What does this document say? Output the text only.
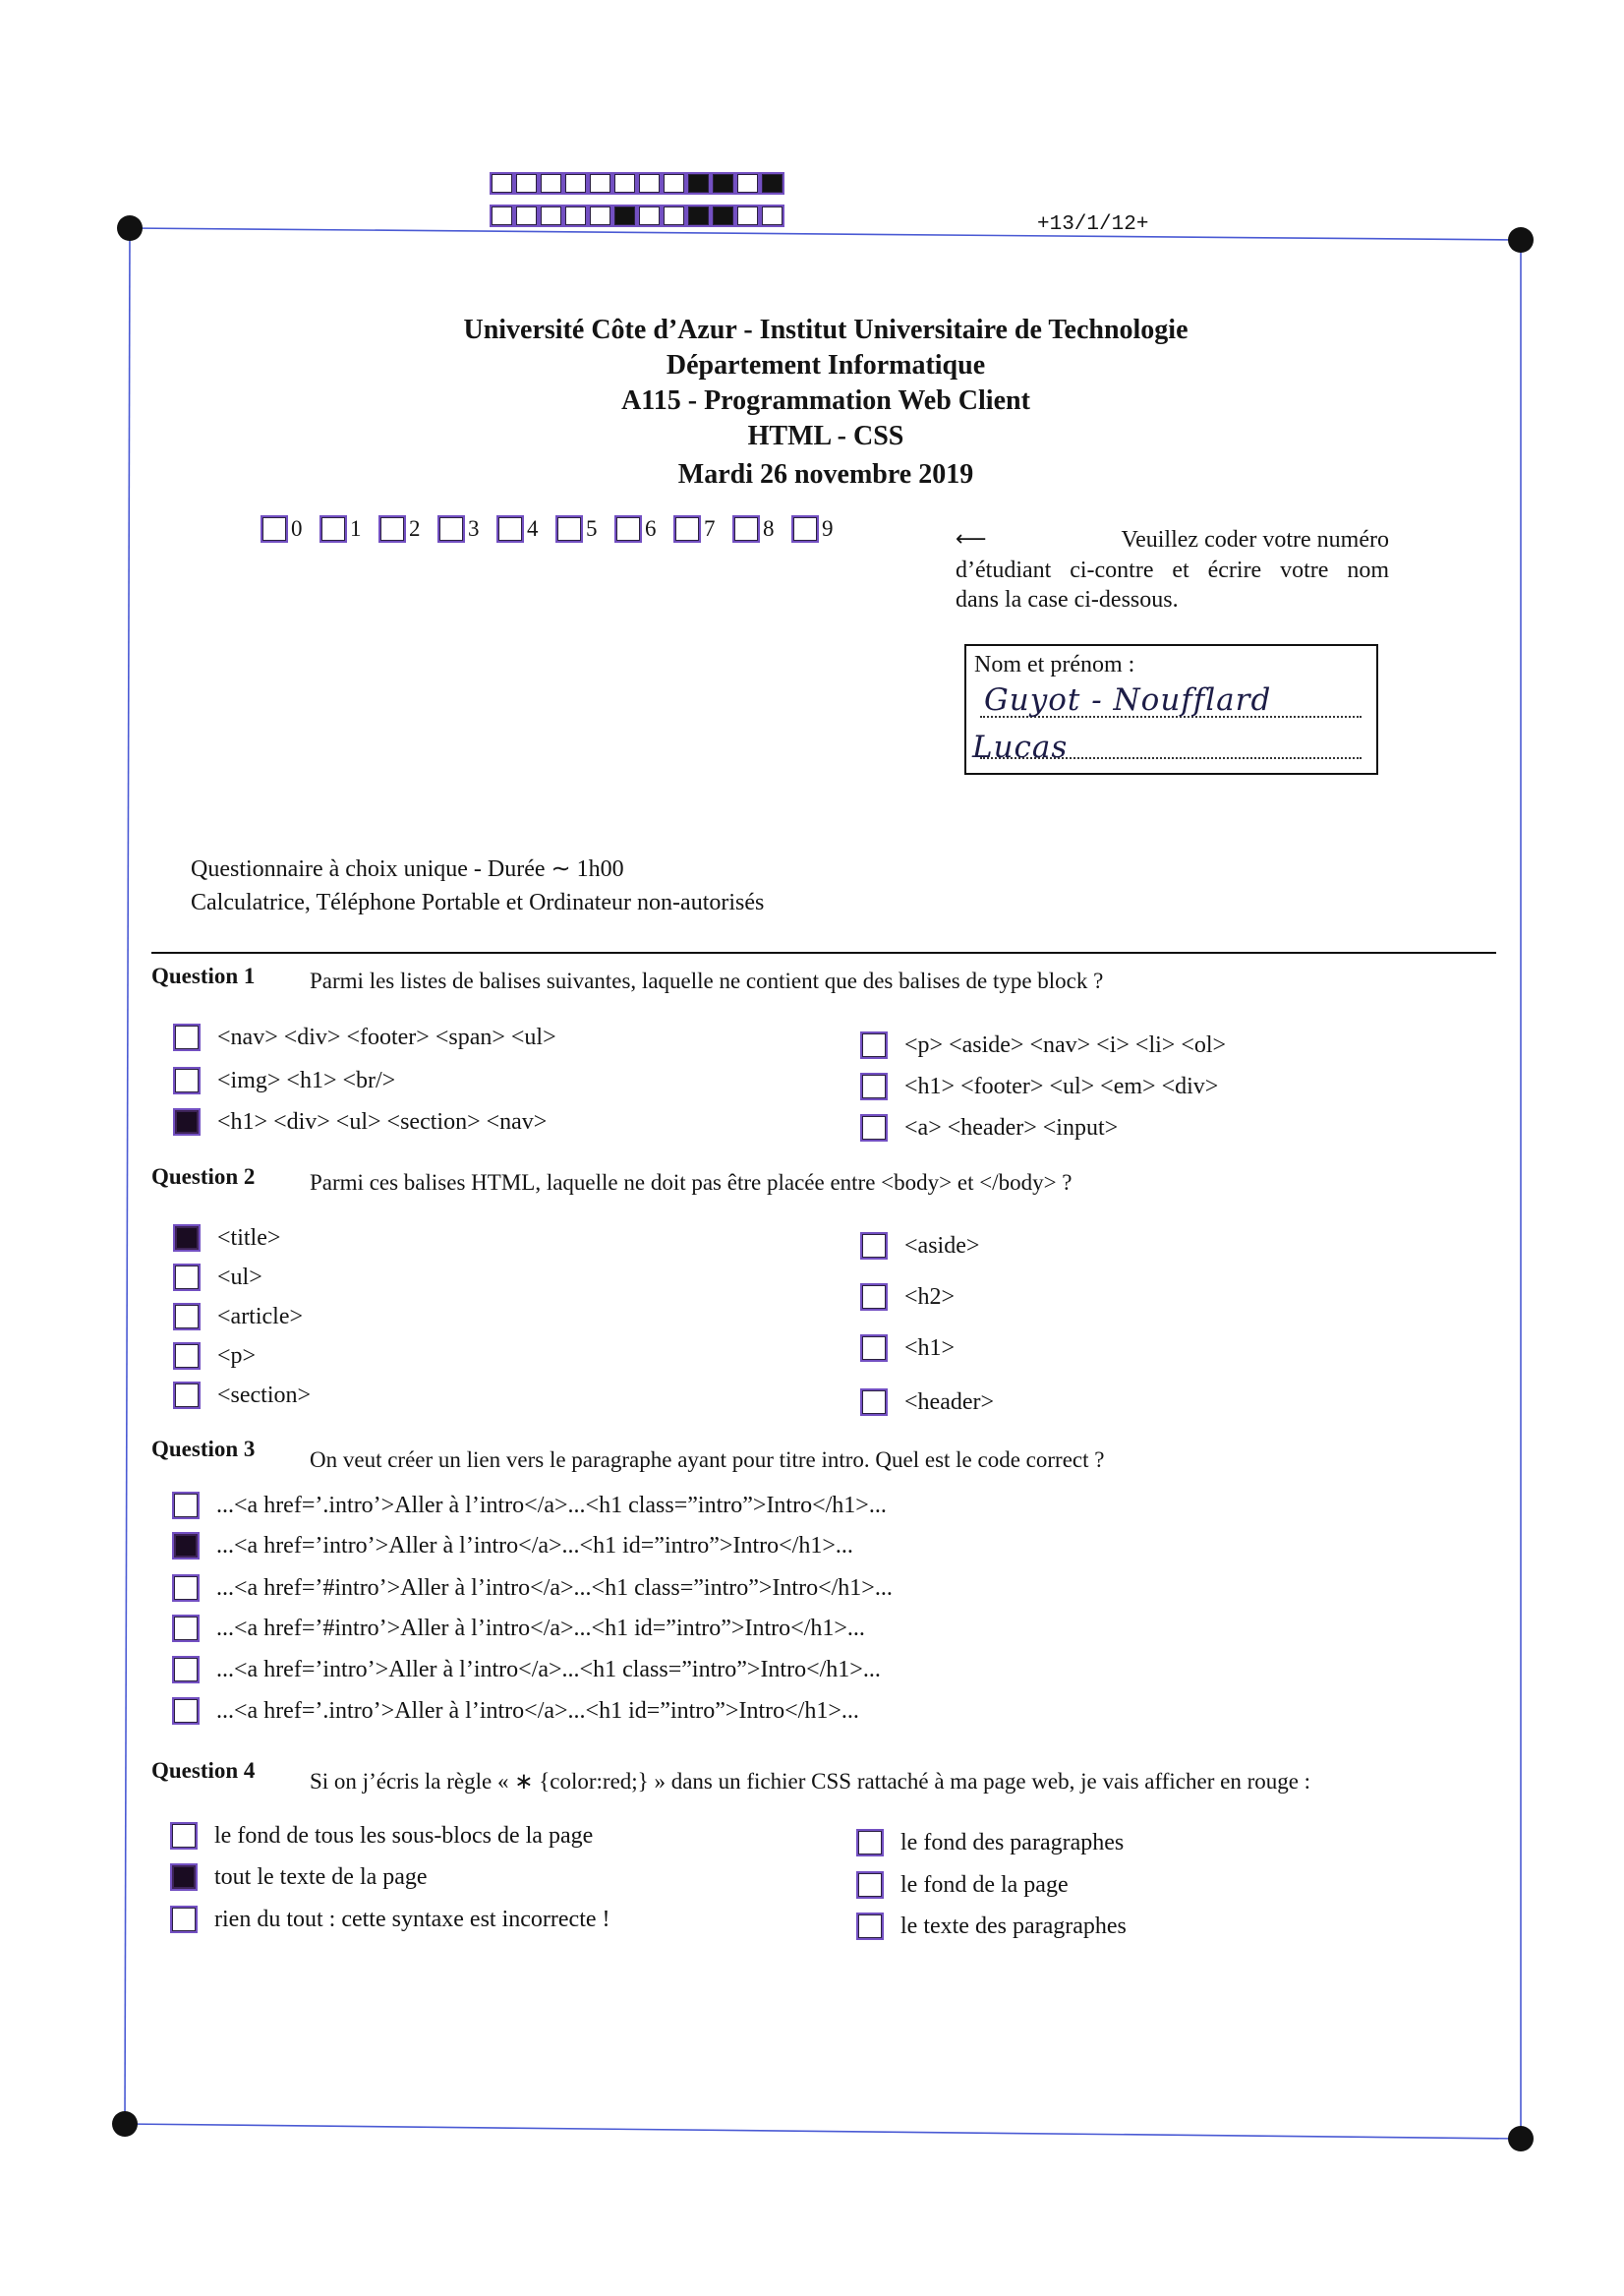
+13/1/12+
Université Côte d’Azur - Institut Universitaire de Technologie
Département Informatique
A115 - Programmation Web Client
HTML - CSS
Mardi 26 novembre 2019
0 1 2 3 4 5 6 7 8 9	⟵	Veuillez coder votre numéro
d’étudiant ci-contre et écrire votre nom
dans la case ci-dessous.
Nom et prénom :
Guyot - Noufflard
Lucas
Questionnaire à choix unique - Durée ∼ 1h00
Calculatrice, Téléphone Portable et Ordinateur non-autorisés
Question 1 Parmi les listes de balises suivantes, laquelle ne contient que des balises de type block ?
<nav> <div> <footer> <span> <ul>
<img> <h1> <br/>
<h1> <div> <ul> <section> <nav>
<p> <aside> <nav> <i> <li> <ol>
<h1> <footer> <ul> <em> <div>
<a> <header> <input>
Question 2 Parmi ces balises HTML, laquelle ne doit pas être placée entre <body> et </body> ?
<title>
<ul>
<article>
<p>
<section>
<aside>
<h2>
<h1>
<header>
Question 3 On veut créer un lien vers le paragraphe ayant pour titre intro. Quel est le code correct ?
...<a href=’.intro’>Aller à l’intro</a>...<h1 class=”intro”>Intro</h1>...
...<a href=’intro’>Aller à l’intro</a>...<h1 id=”intro”>Intro</h1>...
...<a href=’#intro’>Aller à l’intro</a>...<h1 class=”intro”>Intro</h1>...
...<a href=’#intro’>Aller à l’intro</a>...<h1 id=”intro”>Intro</h1>...
...<a href=’intro’>Aller à l’intro</a>...<h1 class=”intro”>Intro</h1>...
...<a href=’.intro’>Aller à l’intro</a>...<h1 id=”intro”>Intro</h1>...
Question 4 Si on j’écris la règle « ∗ {color:red;} » dans un fichier CSS rattaché à ma page web, je vais afficher en rouge :
le fond de tous les sous-blocs de la page
tout le texte de la page
rien du tout : cette syntaxe est incorrecte !
le fond des paragraphes
le fond de la page
le texte des paragraphes
